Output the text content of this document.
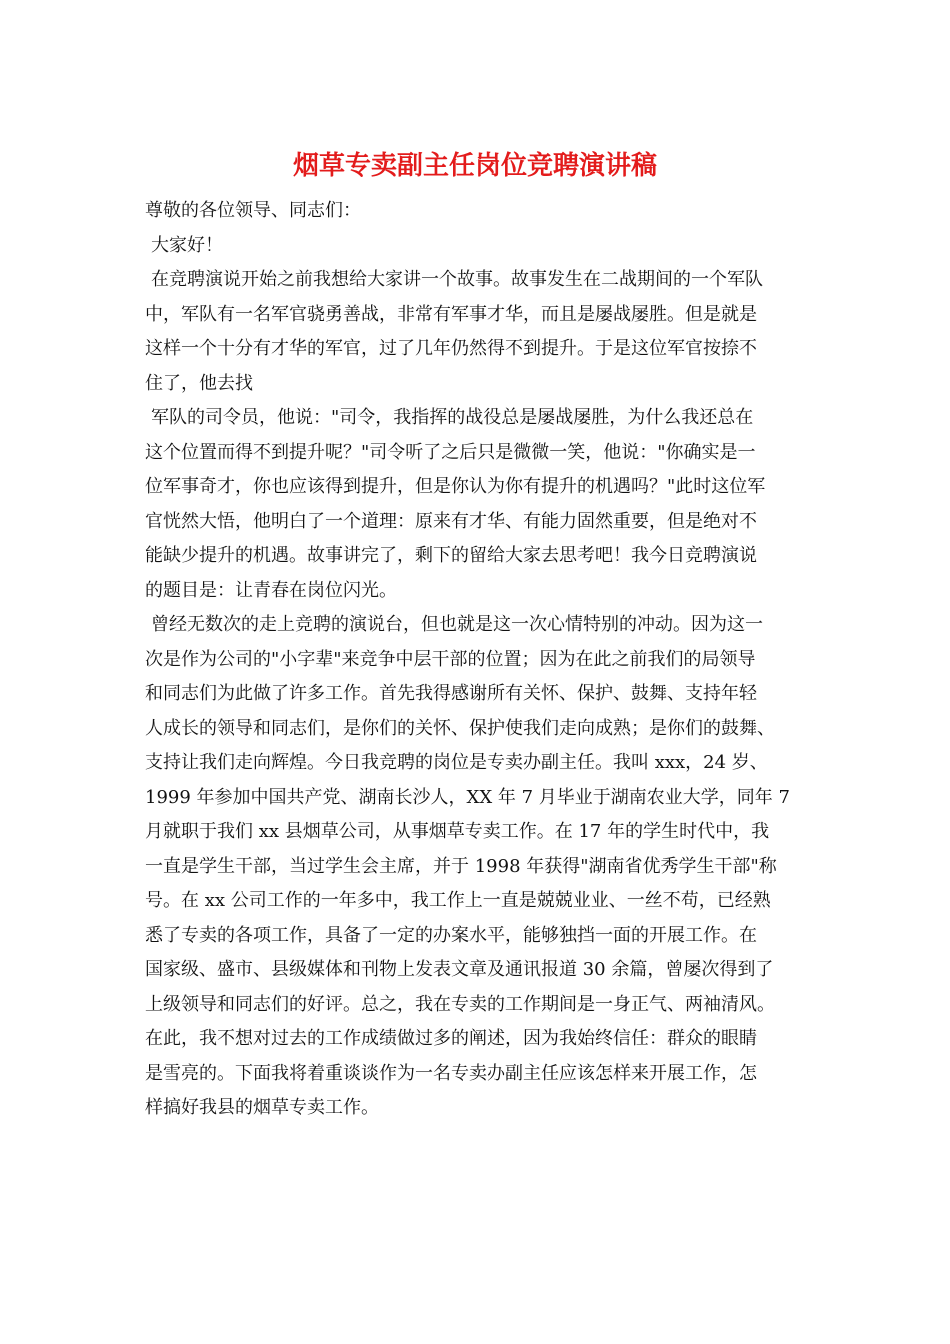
烟草专卖副主任岗位竞聘演讲稿
尊敬的各位领导、同志们：
大家好！
在竞聘演说开始之前我想给大家讲一个故事。故事发生在二战期间的一个军队
中，军队有一名军官骁勇善战，非常有军事才华，而且是屡战屡胜。但是就是
这样一个十分有才华的军官，过了几年仍然得不到提升。于是这位军官按捺不
住了，他去找
军队的司令员，他说："司令，我指挥的战役总是屡战屡胜，为什么我还总在
这个位置而得不到提升呢？"司令听了之后只是微微一笑，他说："你确实是一
位军事奇才，你也应该得到提升，但是你认为你有提升的机遇吗？"此时这位军
官恍然大悟，他明白了一个道理：原来有才华、有能力固然重要，但是绝对不
能缺少提升的机遇。故事讲完了，剩下的留给大家去思考吧！我今日竞聘演说
的题目是：让青春在岗位闪光。
曾经无数次的走上竞聘的演说台，但也就是这一次心情特别的冲动。因为这一
次是作为公司的"小字辈"来竞争中层干部的位置；因为在此之前我们的局领导
和同志们为此做了许多工作。首先我得感谢所有关怀、保护、鼓舞、支持年轻
人成长的领导和同志们，是你们的关怀、保护使我们走向成熟；是你们的鼓舞、
支持让我们走向辉煌。今日我竞聘的岗位是专卖办副主任。我叫 xxx，24 岁、
1999 年参加中国共产党、湖南长沙人，XX 年 7 月毕业于湖南农业大学，同年 7
月就职于我们 xx 县烟草公司，从事烟草专卖工作。在 17 年的学生时代中，我
一直是学生干部，当过学生会主席，并于 1998 年获得"湖南省优秀学生干部"称
号。在 xx 公司工作的一年多中，我工作上一直是兢兢业业、一丝不苟，已经熟
悉了专卖的各项工作，具备了一定的办案水平，能够独挡一面的开展工作。在
国家级、盛市、县级媒体和刊物上发表文章及通讯报道 30 余篇，曾屡次得到了
上级领导和同志们的好评。总之，我在专卖的工作期间是一身正气、两袖清风。
在此，我不想对过去的工作成绩做过多的阐述，因为我始终信任：群众的眼睛
是雪亮的。下面我将着重谈谈作为一名专卖办副主任应该怎样来开展工作，怎
样搞好我县的烟草专卖工作。
